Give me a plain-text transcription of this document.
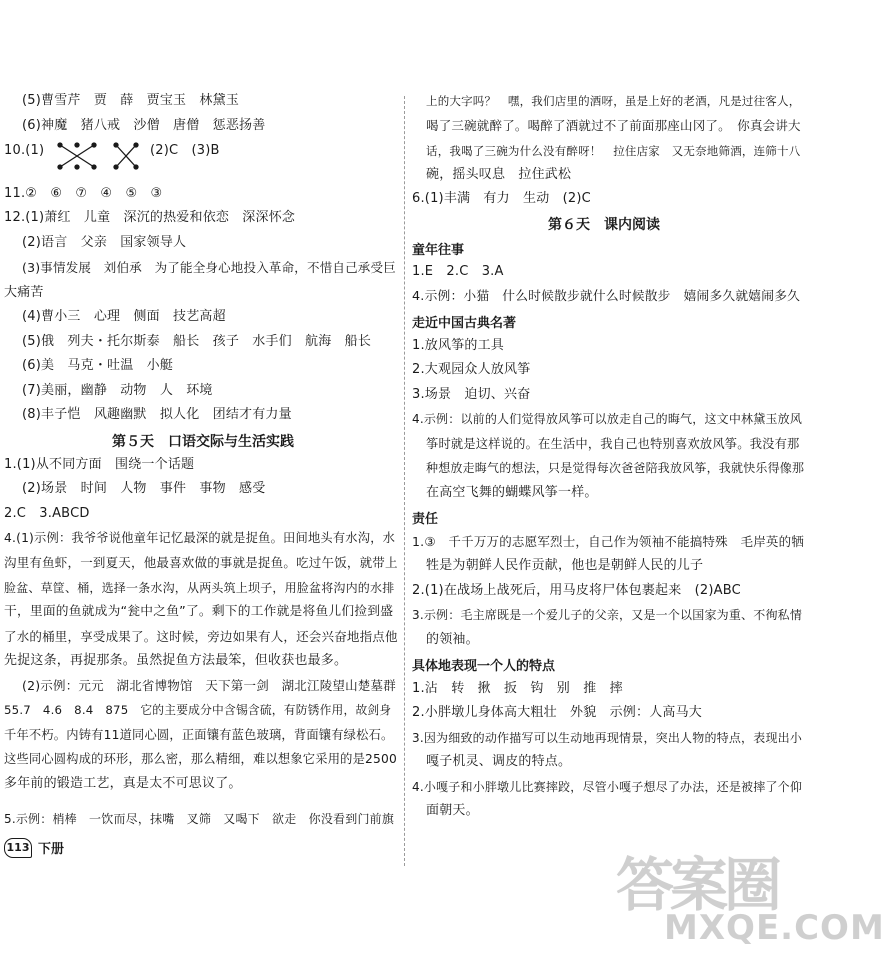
(5)曹雪芹　贾　薛　贾宝玉　林黛玉
(6)神魔　猪八戒　沙僧　唐僧　惩恶扬善
10.(1)	(2)C　(3)B
11.②　⑥　⑦　④　⑤　③
12.(1)萧红　儿童　深沉的热爱和依恋　深深怀念
(2)语言　父亲　国家领导人
(3)事情发展　刘伯承　为了能全身心地投入革命，不惜自己承受巨
大痛苦
(4)曹小三　心理　侧面　技艺高超
(5)俄　列夫・托尔斯泰　船长　孩子　水手们　航海　船长
(6)美　马克・吐温　小艇
(7)美丽，幽静　动物　人　环境
(8)丰子恺　风趣幽默　拟人化　团结才有力量
第５天　口语交际与生活实践
1.(1)从不同方面　围绕一个话题
(2)场景　时间　人物　事件　事物　感受
2.C　3.ABCD
4.(1)示例：我爷爷说他童年记忆最深的就是捉鱼。田间地头有水沟，水
沟里有鱼虾，一到夏天，他最喜欢做的事就是捉鱼。吃过午饭，就带上
脸盆、草筐、桶，选择一条水沟，从两头筑上坝子，用脸盆将沟内的水排
干，里面的鱼就成为“瓮中之鱼”了。剩下的工作就是将鱼儿们捡到盛
了水的桶里，享受成果了。这时候，旁边如果有人，还会兴奋地指点他
先捉这条，再捉那条。虽然捉鱼方法最笨，但收获也最多。
(2)示例：元元　湖北省博物馆　天下第一剑　湖北江陵望山楚墓群
55.7　4.6　8.4　875　它的主要成分中含锡含硫，有防锈作用，故剑身
千年不朽。内铸有11道同心圆，正面镶有蓝色玻璃，背面镶有绿松石。
这些同心圆构成的环形，那么密，那么精细，难以想象它采用的是2500
多年前的锻造工艺，真是太不可思议了。
5.示例：梢棒　一饮而尽，抹嘴　叉筛　又喝下　欲走　你没看到门前旗
上的大字吗？　嘿，我们店里的酒呀，虽是上好的老酒，凡是过往客人，
喝了三碗就醉了。喝醉了酒就过不了前面那座山冈了。　你真会讲大
话，我喝了三碗为什么没有醉呀！　拉住店家　又无奈地筛酒，连筛十八
碗，摇头叹息　拉住武松
6.(1)丰满　有力　生动　(2)C
第６天　课内阅读
童年往事
1.E　2.C　3.A
4.示例：小猫　什么时候散步就什么时候散步　嬉闹多久就嬉闹多久
走近中国古典名著
1.放风筝的工具
2.大观园众人放风筝
3.场景　迫切、兴奋
4.示例：以前的人们觉得放风筝可以放走自己的晦气，这文中林黛玉放风
筝时就是这样说的。在生活中，我自己也特别喜欢放风筝。我没有那
种想放走晦气的想法，只是觉得每次爸爸陪我放风筝，我就快乐得像那
在高空飞舞的蝴蝶风筝一样。
责任
1.③　千千万万的志愿军烈士，自己作为领袖不能搞特殊　毛岸英的牺
牲是为朝鲜人民作贡献，他也是朝鲜人民的儿子
2.(1)在战场上战死后，用马皮将尸体包裹起来　(2)ABC
3.示例：毛主席既是一个爱儿子的父亲，又是一个以国家为重、不徇私情
的领袖。
具体地表现一个人的特点
1.沾　转　揪　扳　钩　别　推　摔
2.小胖墩儿身体高大粗壮　外貌　示例：人高马大
3.因为细致的动作描写可以生动地再现情景，突出人物的特点，表现出小
嘎子机灵、调皮的特点。
4.小嘎子和小胖墩儿比赛摔跤，尽管小嘎子想尽了办法，还是被摔了个仰
面朝天。
113 下册
答案圈
MXQE.COM
